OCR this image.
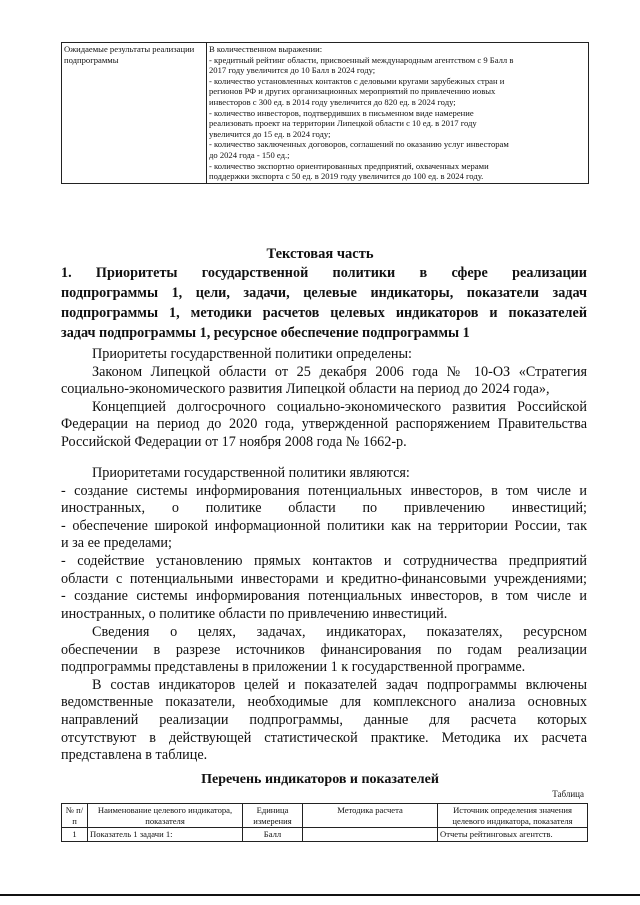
Ожидаемые результаты реализации подпрограммы	
В количественном выражении:
- кредитный рейтинг области, присвоенный международным агентством с 9 Балл в
2017 году увеличится до 10 Балл в 2024 году;
- количество установленных контактов с деловыми кругами зарубежных стран и
регионов РФ и других организационных мероприятий по привлечению иовых
инвесторов с 300 ед. в 2014 году увеличится до 820 ед. в 2024 году;
- количество инвесторов, подтвердивших в письменном виде намерение
реализовать проект на территории Липецкой области с 10 ед. в 2017 году
увеличится до 15 ед. в 2024 году;
- количество заключенных договоров, соглашений по оказанию услуг инвесторам
до 2024 года - 150 ед.;
- количество экспортно ориентированных предприятий, охваченных мерами
поддержки экспорта с 50 ед. в 2019 году увеличится до 100 ед. в 2024 году.
Текстовая часть
1. Приоритеты государственной политики в сфере реализации
подпрограммы 1, цели, задачи, целевые индикаторы, показатели задач
подпрограммы 1, методики расчетов целевых индикаторов и показателей
задач подпрограммы 1, ресурсное обеспечение подпрограммы 1
Приоритеты государственной политики определены:
Законом Липецкой области от 25 декабря 2006 года № 10-ОЗ «Стратегия
социально-экономического развития Липецкой области на период до 2024 года»,
Концепцией долгосрочного социально-экономического развития Российской
Федерации на период до 2020 года, утвержденной распоряжением Правительства
Российской Федерации от 17 ноября 2008 года № 1662-р.
Приоритетами государственной политики являются:
- создание системы информирования потенциальных инвесторов, в том числе и
иностранных, о политике области по привлечению инвестиций;
- обеспечение широкой информационной политики как на территории России, так
и за ее пределами;
- содействие установлению прямых контактов и сотрудничества предприятий
области с потенциальными инвесторами и кредитно-финансовыми учреждениями;
- создание системы информирования потенциальных инвесторов, в том числе и
иностранных, о политике области по привлечению инвестиций.
Сведения о целях, задачах, индикаторах, показателях, ресурсном
обеспечении в разрезе источников финансирования по годам реализации
подпрограммы представлены в приложении 1 к государственной программе.
В состав индикаторов целей и показателей задач подпрограммы включены
ведомственные показатели, необходимые для комплексного анализа основных
направлений реализации подпрограммы, данные для расчета которых
отсутствуют в действующей статистической практике. Методика их расчета
представлена в таблице.
Перечень индикаторов и показателей
Таблица
№ п/п	Наименование целевого индикатора, показателя	Единица измерения	Методика расчета	Источник определения значения целевого индикатора, показателя
1	Показатель 1 задачи 1:	Балл		Отчеты рейтинговых агентств.
